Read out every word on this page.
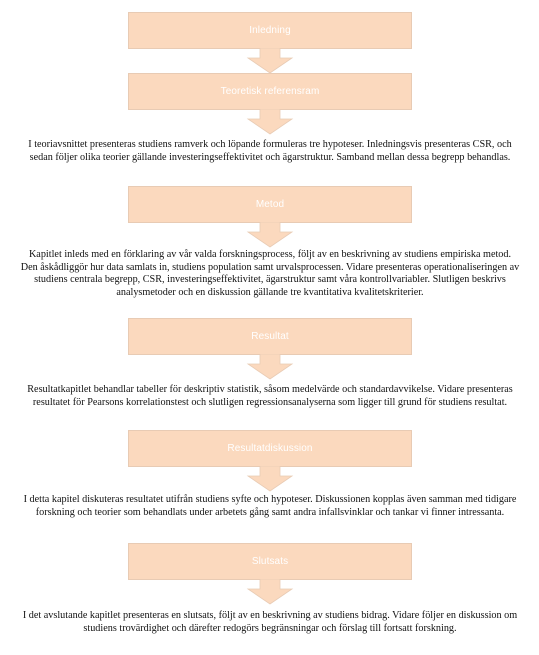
Inledning
Teoretisk referensram
I teoriavsnittet presenteras studiens ramverk och löpande formuleras tre hypoteser. Inledningsvis presenteras CSR, och sedan följer olika teorier gällande investeringseffektivitet och ägarstruktur. Samband mellan dessa begrepp behandlas.
Metod
Kapitlet inleds med en förklaring av vår valda forskningsprocess, följt av en beskrivning av studiens empiriska metod. Den åskådliggör hur data samlats in, studiens population samt urvalsprocessen. Vidare presenteras operationaliseringen av studiens centrala begrepp, CSR, investeringseffektivitet, ägarstruktur samt våra kontrollvariabler. Slutligen beskrivs analysmetoder och en diskussion gällande tre kvantitativa kvalitetskriterier.
Resultat
Resultatkapitlet behandlar tabeller för deskriptiv statistik, såsom medelvärde och standardavvikelse. Vidare presenteras resultatet för Pearsons korrelationstest och slutligen regressionsanalyserna som ligger till grund för studiens resultat.
Resultatdiskussion
I detta kapitel diskuteras resultatet utifrån studiens syfte och hypoteser. Diskussionen kopplas även samman med tidigare forskning och teorier som behandlats under arbetets gång samt andra infallsvinklar och tankar vi finner intressanta.
Slutsats
I det avslutande kapitlet presenteras en slutsats, följt av en beskrivning av studiens bidrag. Vidare följer en diskussion om studiens trovärdighet och därefter redogörs begränsningar och förslag till fortsatt forskning.
